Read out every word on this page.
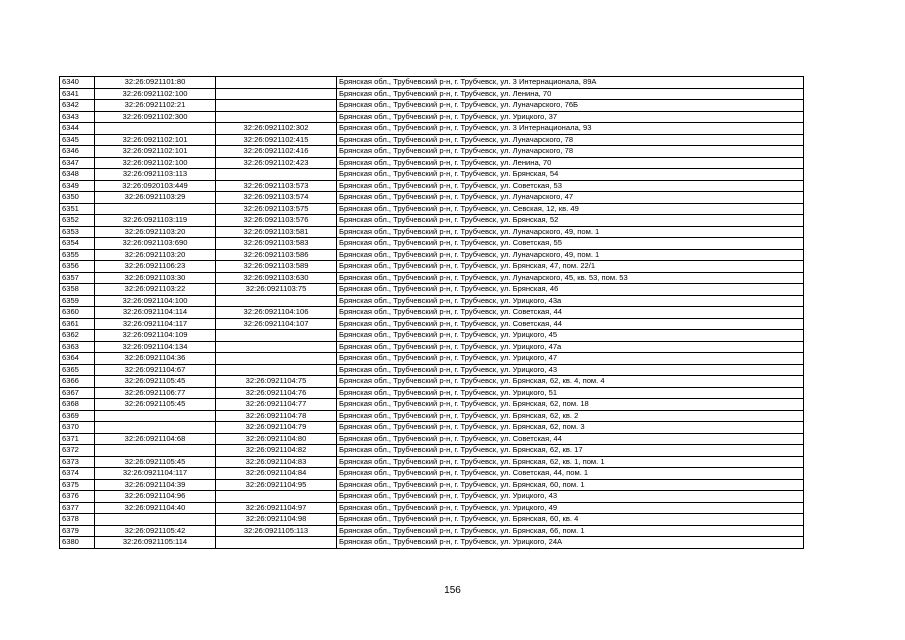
6340	32:26:0921101:80		Брянская обл., Трубчевский р-н, г. Трубчевск, ул. 3 Интернационала, 89А
6341	32:26:0921102:100		Брянская обл., Трубчевский р-н, г. Трубчевск, ул. Ленина, 70
6342	32:26:0921102:21		Брянская обл., Трубчевский р-н, г. Трубчевск, ул. Луначарского, 76Б
6343	32:26:0921102:300		Брянская обл., Трубчевский р-н, г. Трубчевск, ул. Урицкого, 37
6344		32:26:0921102:302	Брянская обл., Трубчевский р-н, г. Трубчевск, ул. 3 Интернационала, 93
6345	32:26:0921102:101	32:26:0921102:415	Брянская обл., Трубчевский р-н, г. Трубчевск, ул. Луначарского, 78
6346	32:26:0921102:101	32:26:0921102:416	Брянская обл., Трубчевский р-н, г. Трубчевск, ул. Луначарского, 78
6347	32:26:0921102:100	32:26:0921102:423	Брянская обл., Трубчевский р-н, г. Трубчевск, ул. Ленина, 70
6348	32:26:0921103:113		Брянская обл., Трубчевский р-н, г. Трубчевск, ул. Брянская, 54
6349	32:26:0920103:449	32:26:0921103:573	Брянская обл., Трубчевский р-н, г. Трубчевск, ул. Советская, 53
6350	32:26:0921103:29	32:26:0921103:574	Брянская обл., Трубчевский р-н, г. Трубчевск, ул. Луначарского, 47
6351		32:26:0921103:575	Брянская обл., Трубчевский р-н, г. Трубчевск, ул. Севская, 12, кв. 49
6352	32:26:0921103:119	32:26:0921103:576	Брянская обл., Трубчевский р-н, г. Трубчевск, ул. Брянская, 52
6353	32:26:0921103:20	32:26:0921103:581	Брянская обл., Трубчевский р-н, г. Трубчевск, ул. Луначарского, 49, пом. 1
6354	32:26:0921103:690	32:26:0921103:583	Брянская обл., Трубчевский р-н, г. Трубчевск, ул. Советская, 55
6355	32:26:0921103:20	32:26:0921103:586	Брянская обл., Трубчевский р-н, г. Трубчевск, ул. Луначарского, 49, пом. 1
6356	32:26:0921106:23	32:26:0921103:589	Брянская обл., Трубчевский р-н, г. Трубчевск, ул. Брянская, 47, пом. 22/1
6357	32:26:0921103:30	32:26:0921103:630	Брянская обл., Трубчевский р-н, г. Трубчевск, ул. Луначарского, 45, кв. 53, пом. 53
6358	32:26:0921103:22	32:26:0921103:75	Брянская обл., Трубчевский р-н, г. Трубчевск, ул. Брянская, 46
6359	32:26:0921104:100		Брянская обл., Трубчевский р-н, г. Трубчевск, ул. Урицкого, 43а
6360	32:26:0921104:114	32:26:0921104:106	Брянская обл., Трубчевский р-н, г. Трубчевск, ул. Советская, 44
6361	32:26:0921104:117	32:26:0921104:107	Брянская обл., Трубчевский р-н, г. Трубчевск, ул. Советская, 44
6362	32:26:0921104:109		Брянская обл., Трубчевский р-н, г. Трубчевск, ул. Урицкого, 45
6363	32:26:0921104:134		Брянская обл., Трубчевский р-н, г. Трубчевск, ул. Урицкого, 47а
6364	32:26:0921104:36		Брянская обл., Трубчевский р-н, г. Трубчевск, ул. Урицкого, 47
6365	32:26:0921104:67		Брянская обл., Трубчевский р-н, г. Трубчевск, ул. Урицкого, 43
6366	32:26:0921105:45	32:26:0921104:75	Брянская обл., Трубчевский р-н, г. Трубчевск, ул. Брянская, 62, кв. 4, пом. 4
6367	32:26:0921106:77	32:26:0921104:76	Брянская обл., Трубчевский р-н, г. Трубчевск, ул. Урицкого, 51
6368	32:26:0921105:45	32:26:0921104:77	Брянская обл., Трубчевский р-н, г. Трубчевск, ул. Брянская, 62, пом. 18
6369		32:26:0921104:78	Брянская обл., Трубчевский р-н, г. Трубчевск, ул. Брянская, 62, кв. 2
6370		32:26:0921104:79	Брянская обл., Трубчевский р-н, г. Трубчевск, ул. Брянская, 62, пом. 3
6371	32:26:0921104:68	32:26:0921104:80	Брянская обл., Трубчевский р-н, г. Трубчевск, ул. Советская, 44
6372		32:26:0921104:82	Брянская обл., Трубчевский р-н, г. Трубчевск, ул. Брянская, 62, кв. 17
6373	32:26:0921105:45	32:26:0921104:83	Брянская обл., Трубчевский р-н, г. Трубчевск, ул. Брянская, 62, кв. 1, пом. 1
6374	32:26:0921104:117	32:26:0921104:84	Брянская обл., Трубчевский р-н, г. Трубчевск, ул. Советская, 44, пом. 1
6375	32:26:0921104:39	32:26:0921104:95	Брянская обл., Трубчевский р-н, г. Трубчевск, ул. Брянская, 60, пом. 1
6376	32:26:0921104:96		Брянская обл., Трубчевский р-н, г. Трубчевск, ул. Урицкого, 43
6377	32:26:0921104:40	32:26:0921104:97	Брянская обл., Трубчевский р-н, г. Трубчевск, ул. Урицкого, 49
6378		32:26:0921104:98	Брянская обл., Трубчевский р-н, г. Трубчевск, ул. Брянская, 60, кв. 4
6379	32:26:0921105:42	32:26:0921105:113	Брянская обл., Трубчевский р-н, г. Трубчевск, ул. Брянская, 66, пом. 1
6380	32:26:0921105:114		Брянская обл., Трубчевский р-н, г. Трубчевск, ул. Урицкого, 24А
156
